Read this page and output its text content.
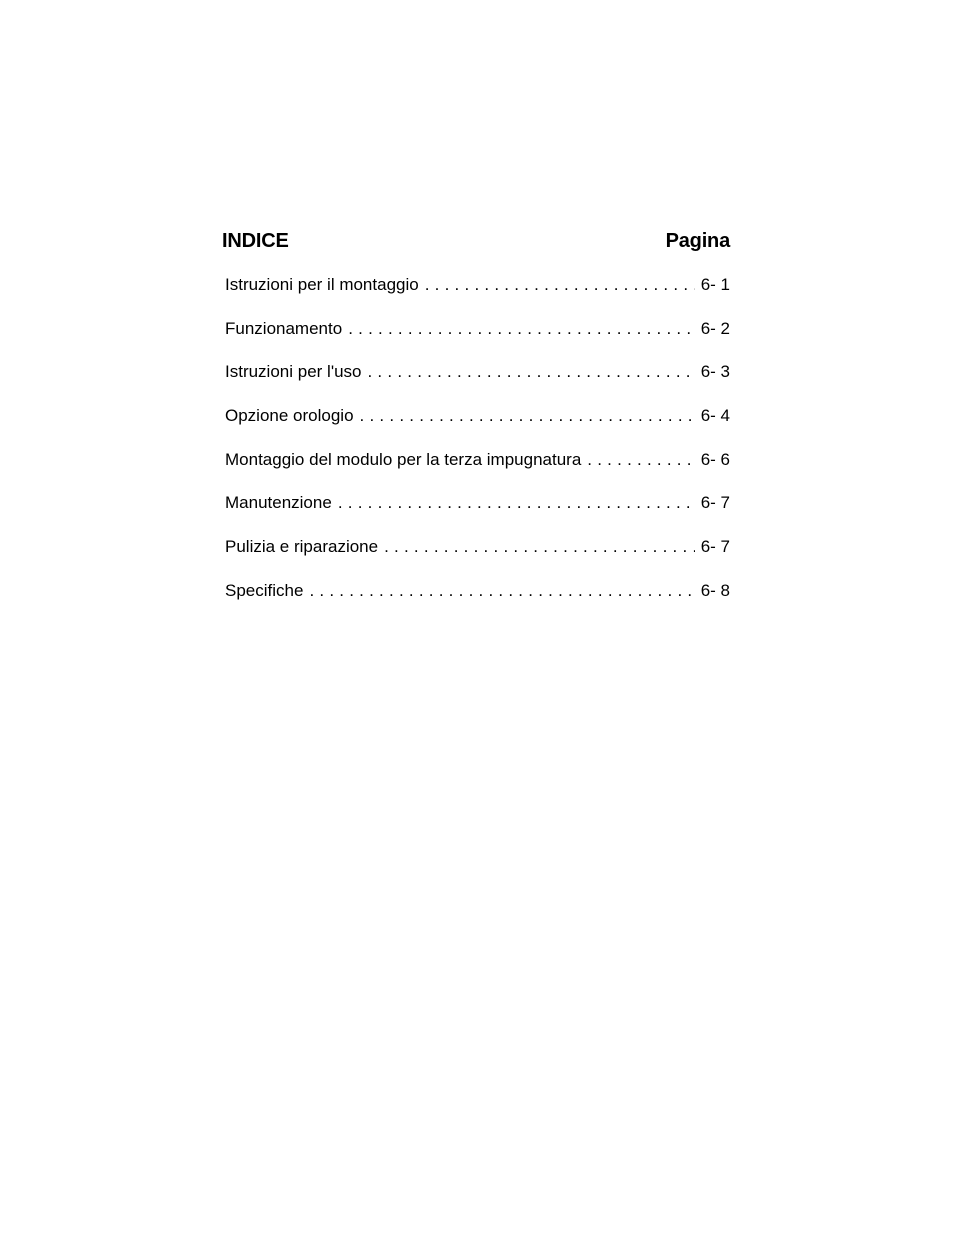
INDICE	Pagina
Istruzioni per il montaggio . . .	6- 1
Funzionamento . . .	6- 2
Istruzioni per l'uso . . .	6- 3
Opzione orologio . . .	6- 4
Montaggio del modulo per la terza impugnatura . . .	6- 6
Manutenzione . . .	6- 7
Pulizia e riparazione . . .	6- 7
Specifiche . . .	6- 8
